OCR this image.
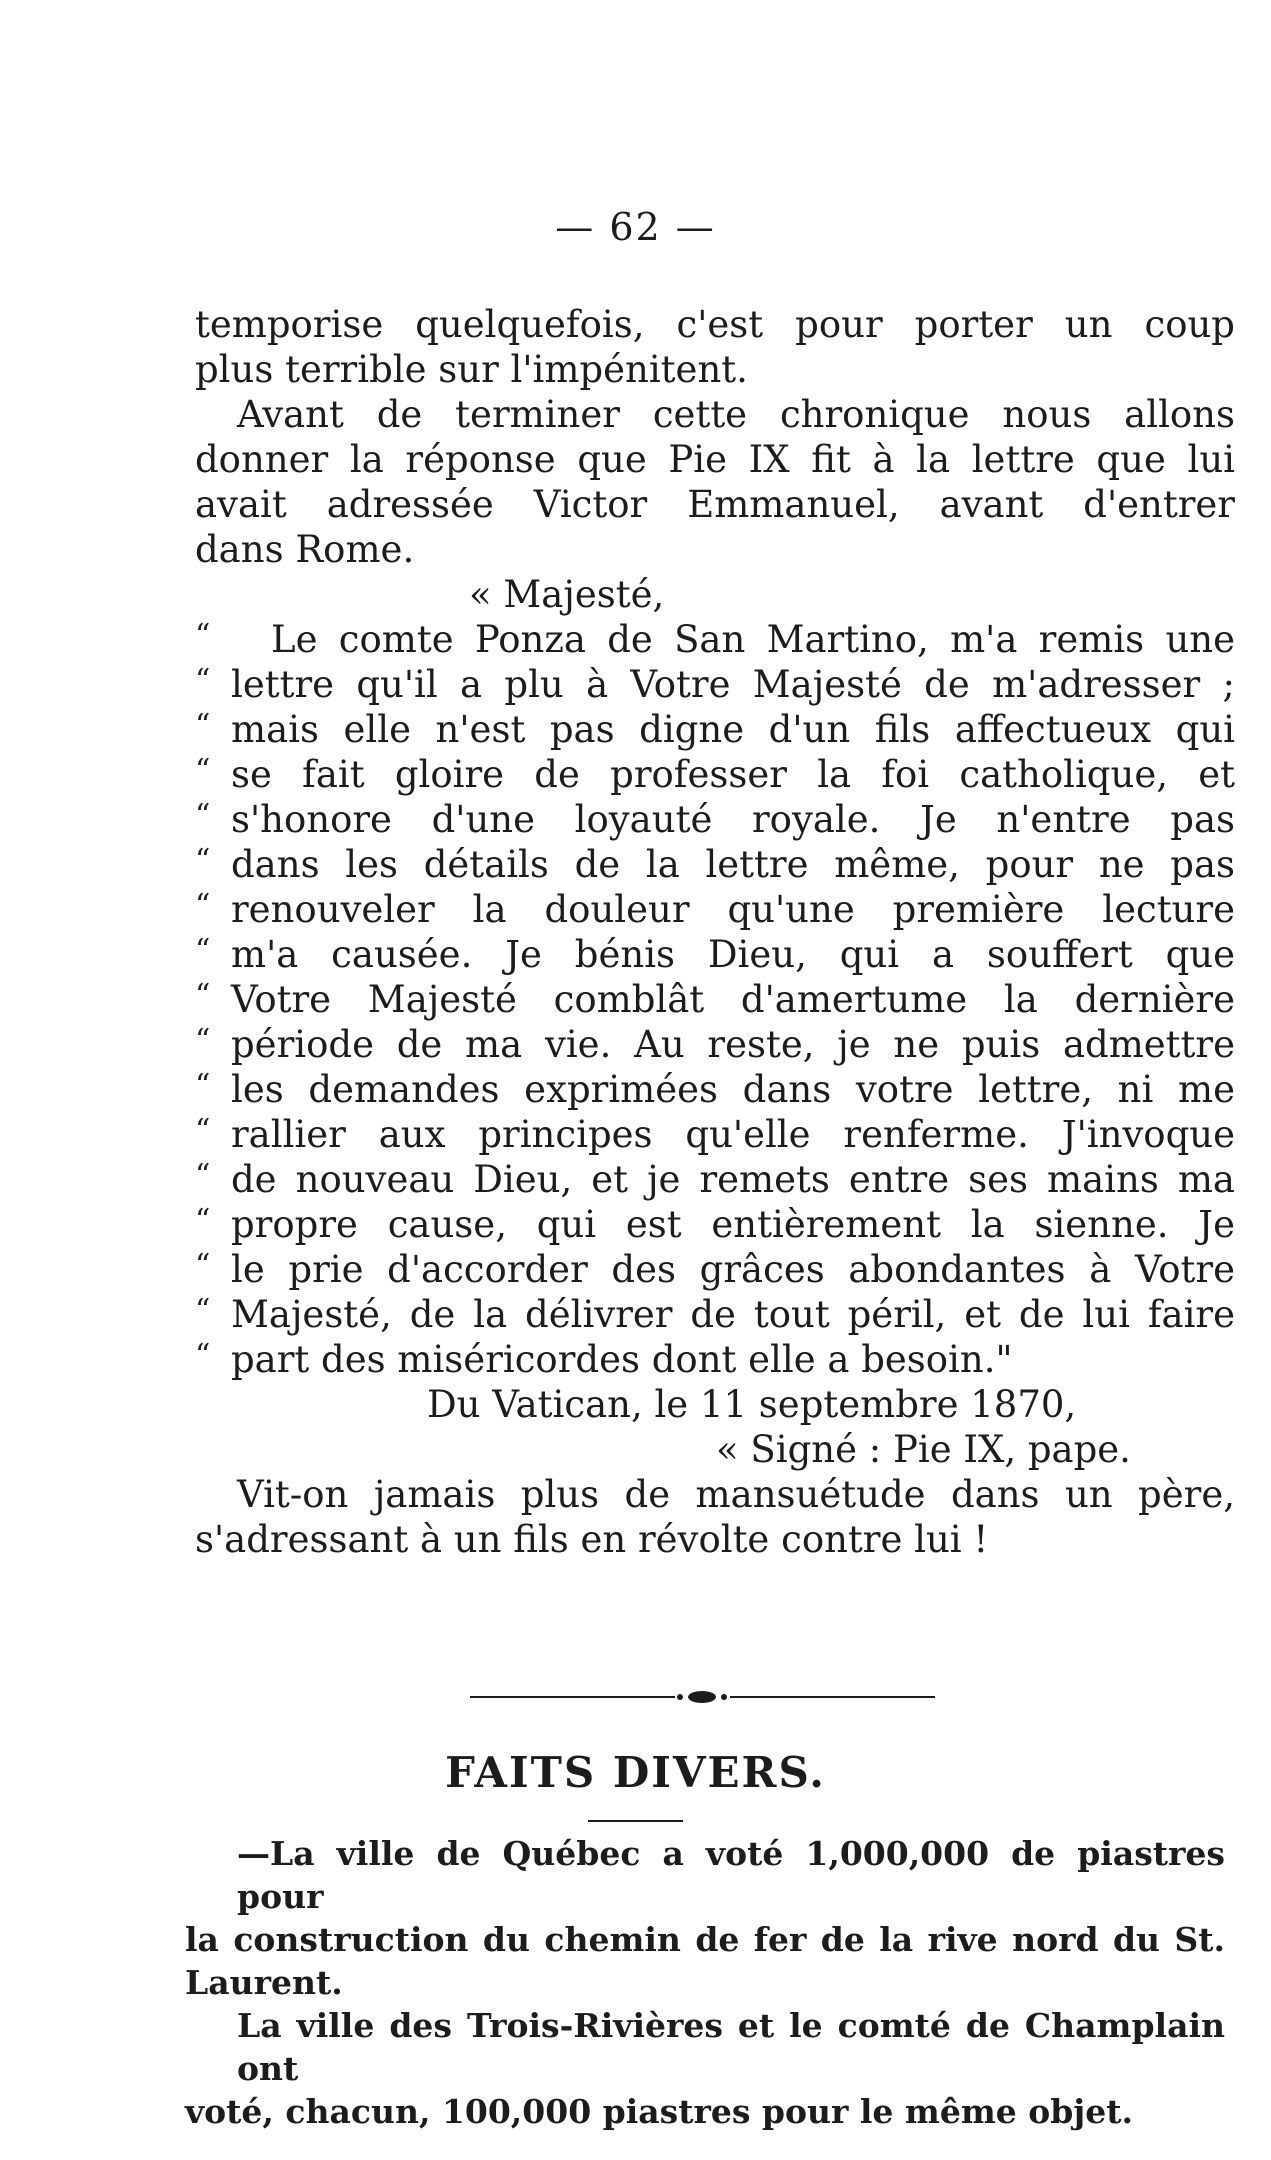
— 62 —
temporise quelquefois, c'est pour porter un coup
plus terrible sur l'impénitent.
Avant de terminer cette chronique nous allons
donner la réponse que Pie IX fit à la lettre que lui
avait adressée Victor Emmanuel, avant d'entrer
dans Rome.
« Majesté,
“	Le comte Ponza de San Martino, m'a remis une
“ lettre qu'il a plu à Votre Majesté de m'adresser ;
“ mais elle n'est pas digne d'un fils affectueux qui
“ se fait gloire de professer la foi catholique, et
“ s'honore d'une loyauté royale. Je n'entre pas
“ dans les détails de la lettre même, pour ne pas
“ renouveler la douleur qu'une première lecture
“ m'a causée. Je bénis Dieu, qui a souffert que
“ Votre Majesté comblât d'amertume la dernière
“ période de ma vie. Au reste, je ne puis admettre
“ les demandes exprimées dans votre lettre, ni me
“ rallier aux principes qu'elle renferme. J'invoque
“ de nouveau Dieu, et je remets entre ses mains ma
“ propre cause, qui est entièrement la sienne. Je
“ le prie d'accorder des grâces abondantes à Votre
“ Majesté, de la délivrer de tout péril, et de lui faire
“ part des miséricordes dont elle a besoin."
Du Vatican, le 11 septembre 1870,
« Signé : Pie IX, pape.
Vit-on jamais plus de mansuétude dans un père,
s'adressant à un fils en révolte contre lui !
FAITS DIVERS.
—La ville de Québec a voté 1,000,000 de piastres pour
la construction du chemin de fer de la rive nord du St.
Laurent.
La ville des Trois-Rivières et le comté de Champlain ont
voté, chacun, 100,000 piastres pour le même objet.
